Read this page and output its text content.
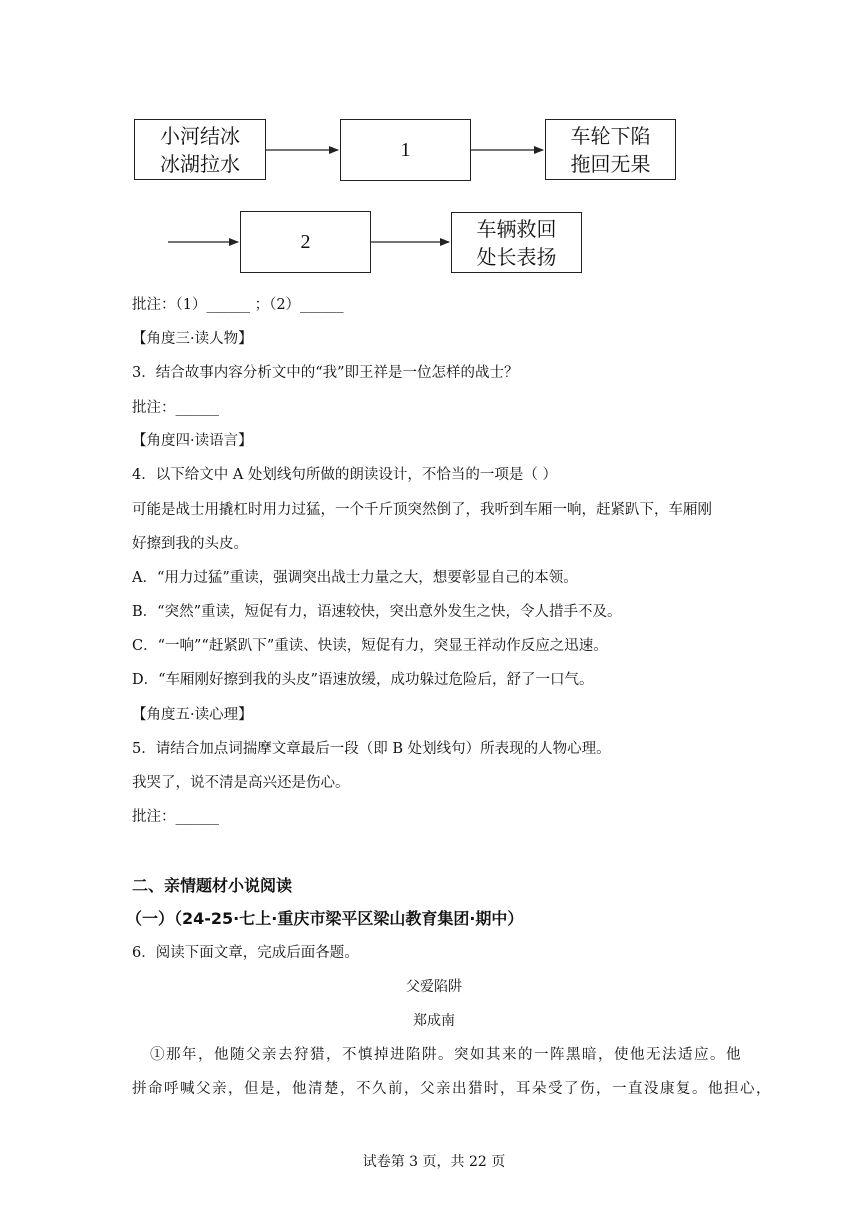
小河结冰
冰湖拉水
1
车轮下陷
拖回无果
2
车辆救回
处长表扬
批注：（1）______ ；（2）______
【角度三·读人物】
3．结合故事内容分析文中的“我”即王祥是一位怎样的战士？
批注：______
【角度四·读语言】
4．以下给文中 A 处划线句所做的朗读设计，不恰当的一项是（ ）
可能是战士用撬杠时用力过猛，一个千斤顶突然倒了，我听到车厢一响，赶紧趴下，车厢刚
好擦到我的头皮。
A．“用力过猛”重读，强调突出战士力量之大，想要彰显自己的本领。
B．“突然”重读，短促有力，语速较快，突出意外发生之快，令人措手不及。
C．“一响”“赶紧趴下”重读、快读，短促有力，突显王祥动作反应之迅速。
D．“车厢刚好擦到我的头皮”语速放缓，成功躲过危险后，舒了一口气。
【角度五·读心理】
5．请结合加点词揣摩文章最后一段（即 B 处划线句）所表现的人物心理。
我哭了，说不清是高兴还是伤心。
批注：______
二、亲情题材小说阅读
（一）（24-25·七上·重庆市梁平区梁山教育集团·期中）
6．阅读下面文章，完成后面各题。
父爱陷阱
郑成南
①那年，他随父亲去狩猎，不慎掉进陷阱。突如其来的一阵黑暗，使他无法适应。他
拼命呼喊父亲，但是，他清楚，不久前，父亲出猎时，耳朵受了伤，一直没康复。他担心，
试卷第 3 页，共 22 页
